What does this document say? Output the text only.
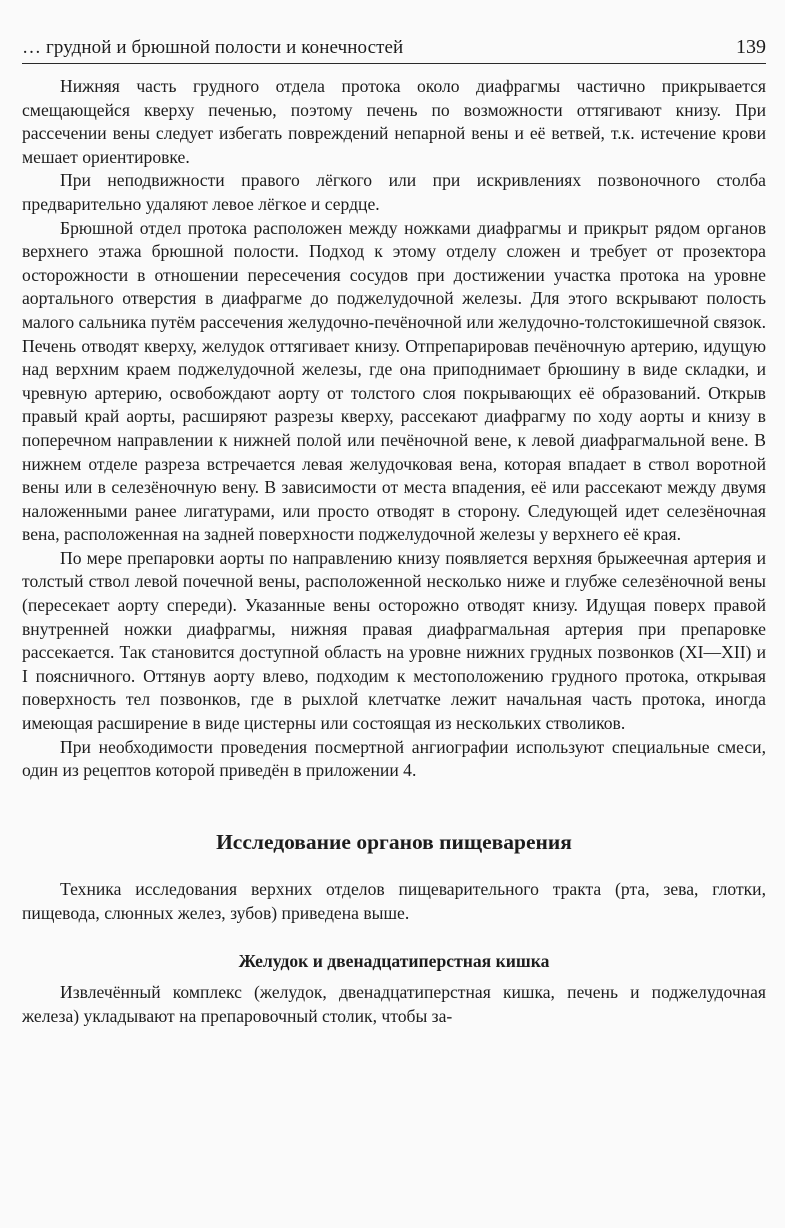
… грудной и брюшной полости и конечностей	139

Нижняя часть грудного отдела протока около диафрагмы частично прикрывается смещающейся кверху печенью, поэтому печень по возможности оттягивают книзу. При рассечении вены следует избегать повреждений непарной вены и её ветвей, т.к. истечение крови мешает ориентировке.

При неподвижности правого лёгкого или при искривлениях позвоночного столба предварительно удаляют левое лёгкое и сердце.

Брюшной отдел протока расположен между ножками диафрагмы и прикрыт рядом органов верхнего этажа брюшной полости. Подход к этому отделу сложен и требует от прозектора осторожности в отношении пересечения сосудов при достижении участка протока на уровне аортального отверстия в диафрагме до поджелудочной железы. Для этого вскрывают полость малого сальника путём рассечения желудочно-печёночной или желудочно-толстокишечной связок. Печень отводят кверху, желудок оттягивает книзу. Отпрепарировав печёночную артерию, идущую над верхним краем поджелудочной железы, где она приподнимает брюшину в виде складки, и чревную артерию, освобождают аорту от толстого слоя покрывающих её образований. Открыв правый край аорты, расширяют разрезы кверху, рассекают диафрагму по ходу аорты и книзу в поперечном направлении к нижней полой или печёночной вене, к левой диафрагмальной вене. В нижнем отделе разреза встречается левая желудочковая вена, которая впадает в ствол воротной вены или в селезёночную вену. В зависимости от места впадения, её или рассекают между двумя наложенными ранее лигатурами, или просто отводят в сторону. Следующей идет селезёночная вена, расположенная на задней поверхности поджелудочной железы у верхнего её края.

По мере препаровки аорты по направлению книзу появляется верхняя брыжеечная артерия и толстый ствол левой почечной вены, расположенной несколько ниже и глубже селезёночной вены (пересекает аорту спереди). Указанные вены осторожно отводят книзу. Идущая поверх правой внутренней ножки диафрагмы, нижняя правая диафрагмальная артерия при препаровке рассекается. Так становится доступной область на уровне нижних грудных позвонков (XI—XII) и I поясничного. Оттянув аорту влево, подходим к местоположению грудного протока, открывая поверхность тел позвонков, где в рыхлой клетчатке лежит начальная часть протока, иногда имеющая расширение в виде цистерны или состоящая из нескольких стволиков.

При необходимости проведения посмертной ангиографии используют специальные смеси, один из рецептов которой приведён в приложении 4.

Исследование органов пищеварения

Техника исследования верхних отделов пищеварительного тракта (рта, зева, глотки, пищевода, слюнных желез, зубов) приведена выше.

Желудок и двенадцатиперстная кишка

Извлечённый комплекс (желудок, двенадцатиперстная кишка, печень и поджелудочная железа) укладывают на препаровочный столик, чтобы за-
